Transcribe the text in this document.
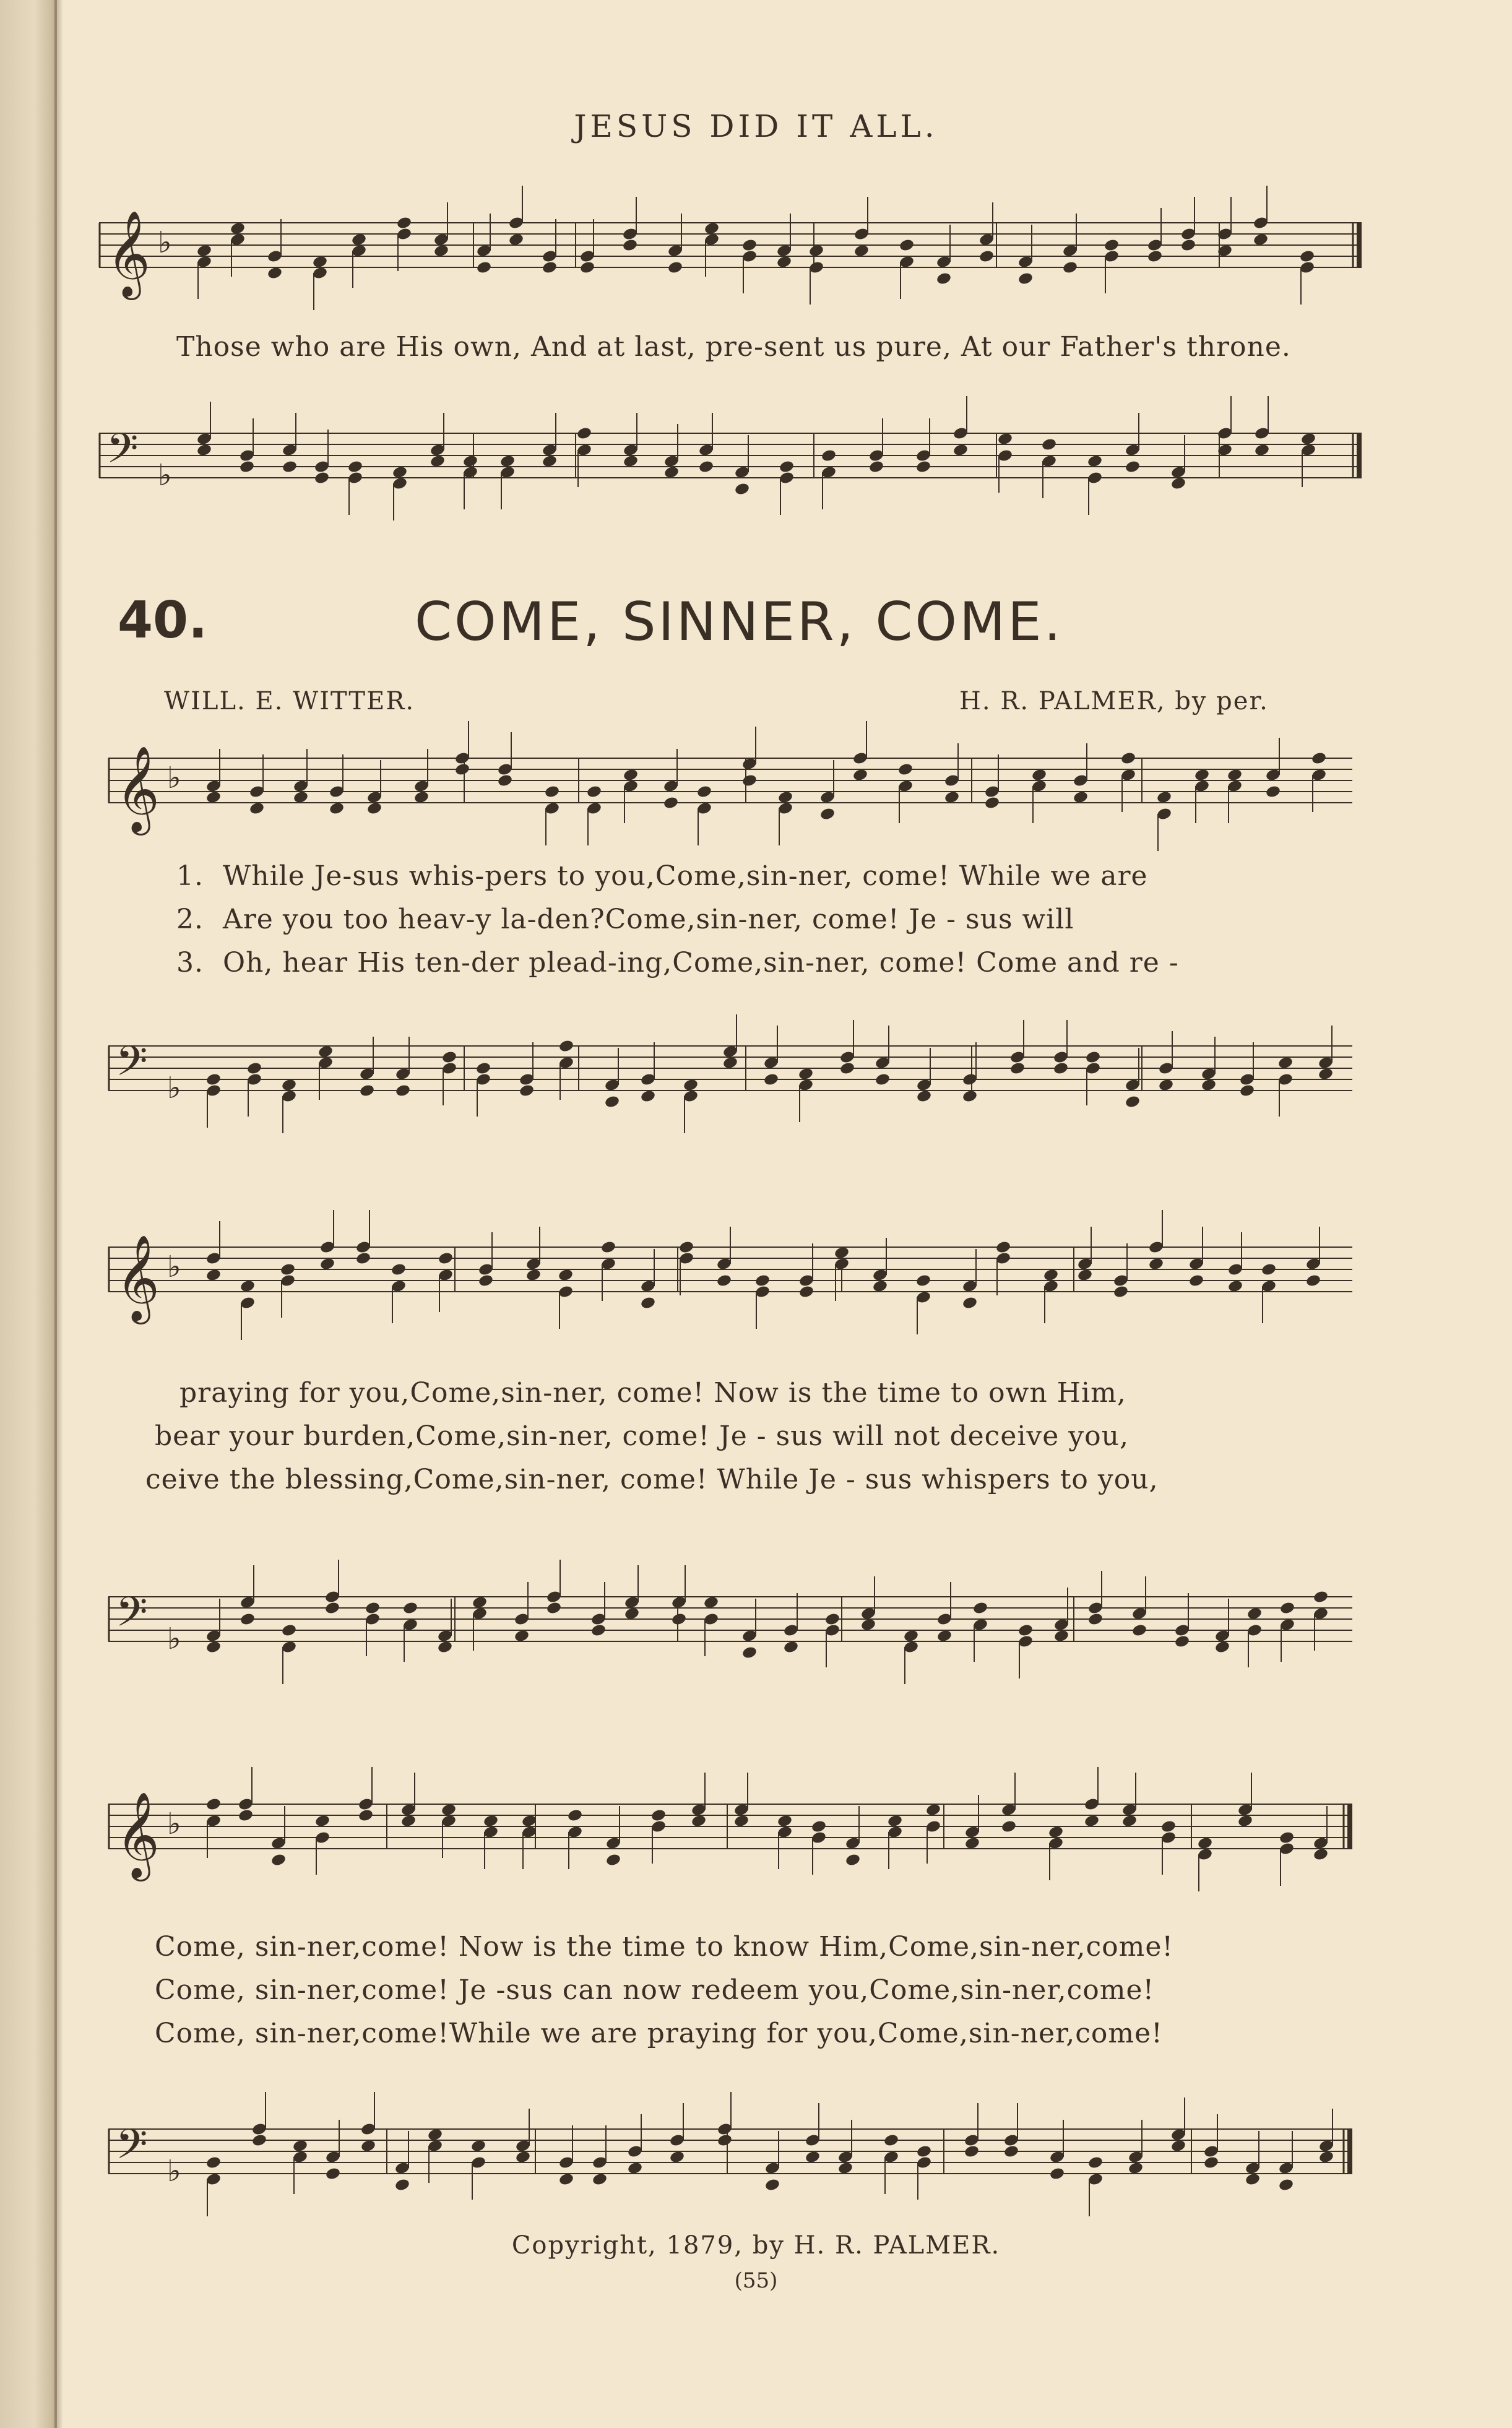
JESUS DID IT ALL.
𝄞 ♭
Those who are His own, And at last, pre-sent us pure, At our Father's throne.
𝄢 ♭
40.	COME, SINNER, COME.
WILL. E. WITTER.	H. R. PALMER, by per.
𝄞 ♭
1. While Je-sus whis-pers to you,Come,sin-ner, come! While we are
2. Are you too heav-y la-den?Come,sin-ner, come! Je - sus will
3. Oh, hear His ten-der plead-ing,Come,sin-ner, come! Come and re -
𝄢 ♭
𝄞 ♭
praying for you,Come,sin-ner, come! Now is the time to own Him,
bear your burden,Come,sin-ner, come! Je - sus will not deceive you,
ceive the blessing,Come,sin-ner, come! While Je - sus whispers to you,
𝄢 ♭
𝄞 ♭
Come, sin-ner,come! Now is the time to know Him,Come,sin-ner,come!
Come, sin-ner,come! Je -sus can now redeem you,Come,sin-ner,come!
Come, sin-ner,come!While we are praying for you,Come,sin-ner,come!
𝄢 ♭
Copyright, 1879, by H. R. PALMER.
(55)
